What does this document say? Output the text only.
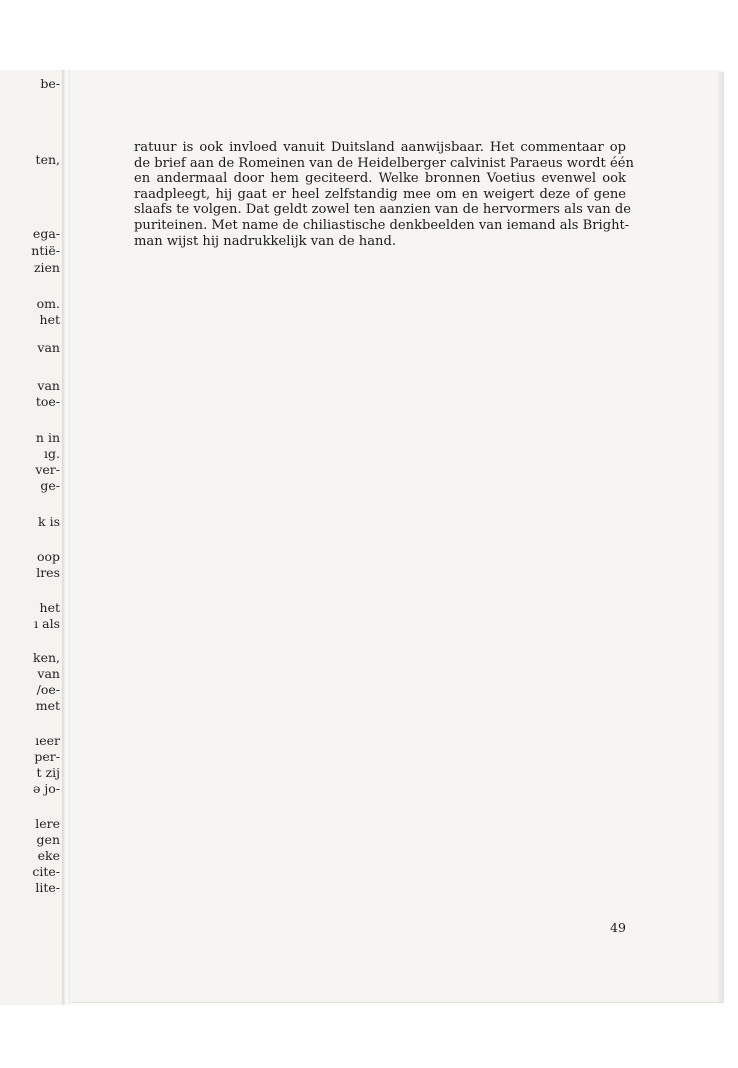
be-
ten,
ega-
ntië-
zien
om.
het
van
van
toe-
n in
ıg.
ver-
ge-
k is
oop
lres
het
ı als
ken,
van
/oe-
met
ıeer
per-
t zij
ǝ jo-
lere
gen
eke
cite-
lite-

ratuur is ook invloed vanuit Duitsland aanwijsbaar. Het commentaar op
de brief aan de Romeinen van de Heidelberger calvinist Paraeus wordt één
en andermaal door hem geciteerd. Welke bronnen Voetius evenwel ook
raadpleegt, hij gaat er heel zelfstandig mee om en weigert deze of gene
slaafs te volgen. Dat geldt zowel ten aanzien van de hervormers als van de
puriteinen. Met name de chiliastische denkbeelden van iemand als Bright-
man wijst hij nadrukkelijk van de hand.

49
